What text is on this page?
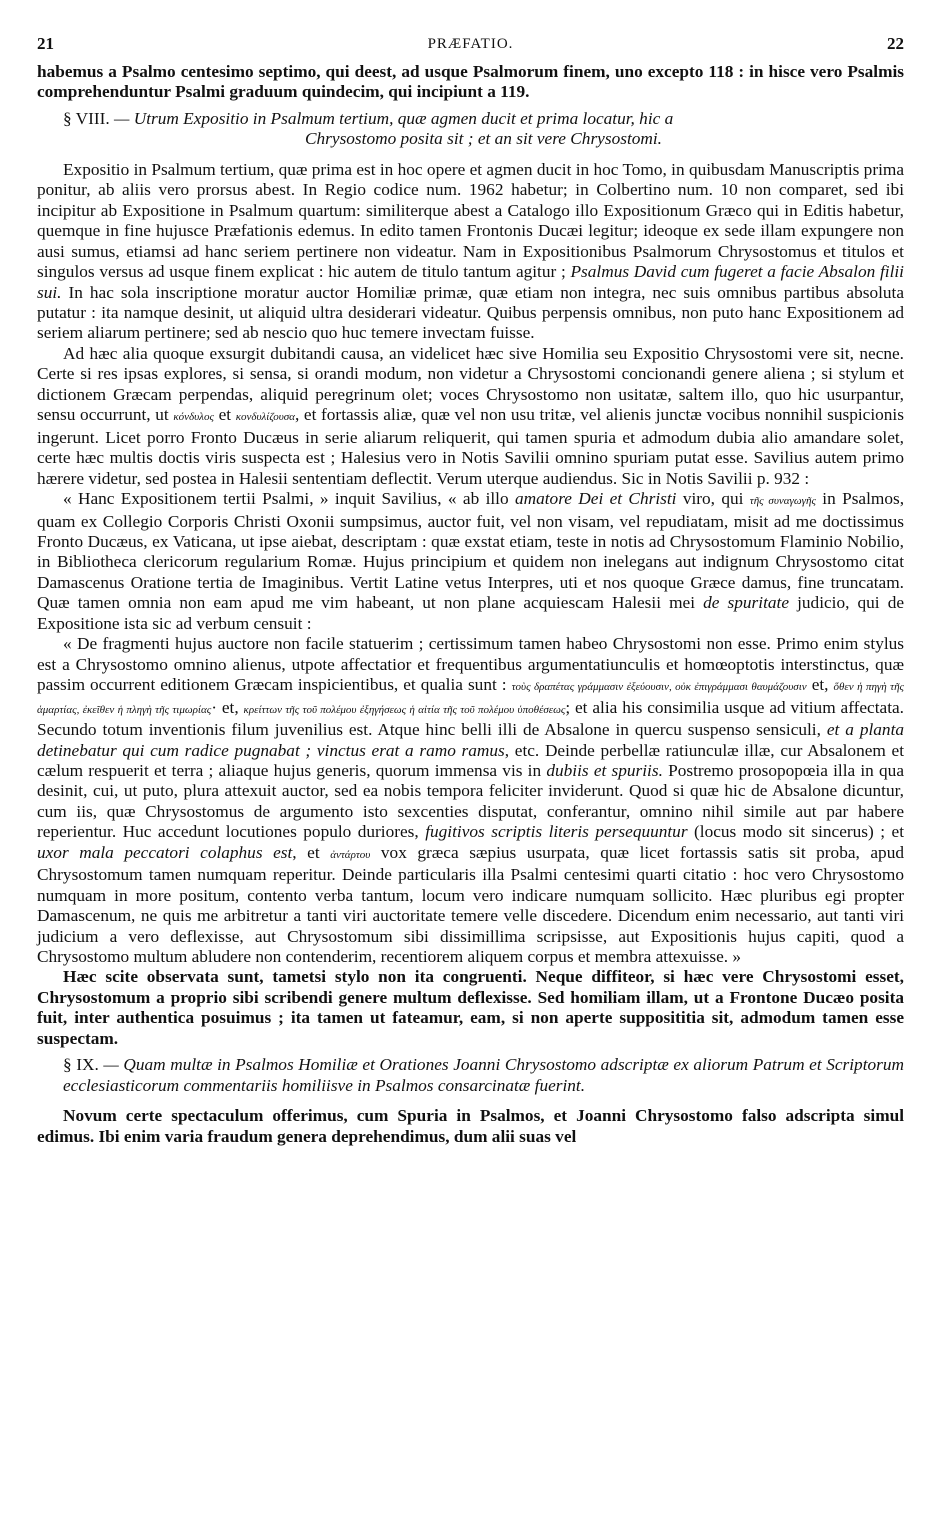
21	PRÆFATIO.	22

habemus a Psalmo centesimo septimo, qui deest, ad usque Psalmorum finem, uno excepto 118 : in hisce vero Psalmis comprehenduntur Psalmi graduum quindecim, qui incipiunt a 119.

§ VIII. — Utrum Expositio in Psalmum tertium, quæ agmen ducit et prima locatur, hic a
Chrysostomo posita sit ; et an sit vere Chrysostomi.

Expositio in Psalmum tertium, quæ prima est in hoc opere et agmen ducit in hoc Tomo, in quibusdam Manuscriptis prima ponitur, ab aliis vero prorsus abest. In Regio codice num. 1962 habetur; in Colbertino num. 10 non comparet, sed ibi incipitur ab Expositione in Psalmum quartum: similiterque abest a Catalogo illo Expositionum Græco qui in Editis habetur, quemque in fine hujusce Præfationis edemus. In edito tamen Frontonis Ducæi legitur; ideoque ex sede illam expungere non ausi sumus, etiamsi ad hanc seriem pertinere non videatur. Nam in Expositionibus Psalmorum Chrysostomus et titulos et singulos versus ad usque finem explicat : hic autem de titulo tantum agitur ; Psalmus David cum fugeret a facie Absalon filii sui. In hac sola inscriptione moratur auctor Homiliæ primæ, quæ etiam non integra, nec suis omnibus partibus absoluta putatur : ita namque desinit, ut aliquid ultra desiderari videatur. Quibus perpensis omnibus, non puto hanc Expositionem ad seriem aliarum pertinere; sed ab nescio quo huc temere invectam fuisse.

Ad hæc alia quoque exsurgit dubitandi causa, an videlicet hæc sive Homilia seu Expositio Chrysostomi vere sit, necne. Certe si res ipsas explores, si sensa, si orandi modum, non videtur a Chrysostomi concionandi genere aliena ; si stylum et dictionem Græcam perpendas, aliquid peregrinum olet; voces Chrysostomo non usitatæ, saltem illo, quo hic usurpantur, sensu occurrunt, ut κόνδυλος et κονδυλίζουσα, et fortassis aliæ, quæ vel non usu tritæ, vel alienis junctæ vocibus nonnihil suspicionis ingerunt. Licet porro Fronto Ducæus in serie aliarum reliquerit, qui tamen spuria et admodum dubia alio amandare solet, certe hæc multis doctis viris suspecta est ; Halesius vero in Notis Savilii omnino spuriam putat esse. Savilius autem primo hærere videtur, sed postea in Halesii sententiam deflectit. Verum uterque audiendus. Sic in Notis Savilii p. 932 :

« Hanc Expositionem tertii Psalmi, » inquit Savilius, « ab illo amatore Dei et Christi viro, qui τῆς συναγωγῆς in Psalmos, quam ex Collegio Corporis Christi Oxonii sumpsimus, auctor fuit, vel non visam, vel repudiatam, misit ad me doctissimus Fronto Ducæus, ex Vaticana, ut ipse aiebat, descriptam : quæ exstat etiam, teste in notis ad Chrysostomum Flaminio Nobilio, in Bibliotheca clericorum regularium Romæ. Hujus principium et quidem non inelegans aut indignum Chrysostomo citat Damascenus Oratione tertia de Imaginibus. Vertit Latine vetus Interpres, uti et nos quoque Græce damus, fine truncatam. Quæ tamen omnia non eam apud me vim habeant, ut non plane acquiescam Halesii mei de spuritate judicio, qui de Expositione ista sic ad verbum censuit :

« De fragmenti hujus auctore non facile statuerim ; certissimum tamen habeo Chrysostomi non esse. Primo enim stylus est a Chrysostomo omnino alienus, utpote affectatior et frequentibus argumentatiunculis et homœoptotis interstinctus, quæ passim occurrent editionem Græcam inspicientibus, et qualia sunt : τοὺς δραπέτας γράμμασιν ἐξεύουσιν, οὐκ ἐπιγράμμασι θαυμάζουσιν et, ὅθεν ἡ πηγὴ τῆς ἁμαρτίας, ἐκεῖθεν ἡ πληγὴ τῆς τιμωρίας· et, κρείττων τῆς τοῦ πολέμου ἐξηγήσεως ἡ αἰτία τῆς τοῦ πολέμου ὑποθέσεως; et alia his consimilia usque ad vitium affectata. Secundo totum inventionis filum juvenilius est. Atque hinc belli illi de Absalone in quercu suspenso sensiculi, et a planta detinebatur qui cum radice pugnabat ; vinctus erat a ramo ramus, etc. Deinde perbellæ ratiunculæ illæ, cur Absalonem et cælum respuerit et terra ; aliaque hujus generis, quorum immensa vis in dubiis et spuriis. Postremo prosopopœia illa in qua desinit, cui, ut puto, plura attexuit auctor, sed ea nobis tempora feliciter inviderunt. Quod si quæ hic de Absalone dicuntur, cum iis, quæ Chrysostomus de argumento isto sexcenties disputat, conferantur, omnino nihil simile aut par habere reperientur. Huc accedunt locutiones populo duriores, fugitivos scriptis literis persequuntur (locus modo sit sincerus) ; et uxor mala peccatori colaphus est, et ἀντάρτου vox græca sæpius usurpata, quæ licet fortassis satis sit proba, apud Chrysostomum tamen numquam reperitur. Deinde particularis illa Psalmi centesimi quarti citatio : hoc vero Chrysostomo numquam in more positum, contento verba tantum, locum vero indicare numquam sollicito. Hæc pluribus egi propter Damascenum, ne quis me arbitretur a tanti viri auctoritate temere velle discedere. Dicendum enim necessario, aut tanti viri judicium a vero deflexisse, aut Chrysostomum sibi dissimillima scripsisse, aut Expositionis hujus capiti, quod a Chrysostomo multum abludere non contenderim, recentiorem aliquem corpus et membra attexuisse. »

Hæc scite observata sunt, tametsi stylo non ita congruenti. Neque diffiteor, si hæc vere Chrysostomi esset, Chrysostomum a proprio sibi scribendi genere multum deflexisse. Sed homiliam illam, ut a Frontone Ducæo posita fuit, inter authentica posuimus ; ita tamen ut fateamur, eam, si non aperte supposititia sit, admodum tamen esse suspectam.

§ IX. — Quam multæ in Psalmos Homiliæ et Orationes Joanni Chrysostomo adscriptæ ex aliorum Patrum et Scriptorum ecclesiasticorum commentariis homiliisve in Psalmos consarcinatæ fuerint.

Novum certe spectaculum offerimus, cum Spuria in Psalmos, et Joanni Chrysostomo falso adscripta simul edimus. Ibi enim varia fraudum genera deprehendimus, dum alii suas vel
